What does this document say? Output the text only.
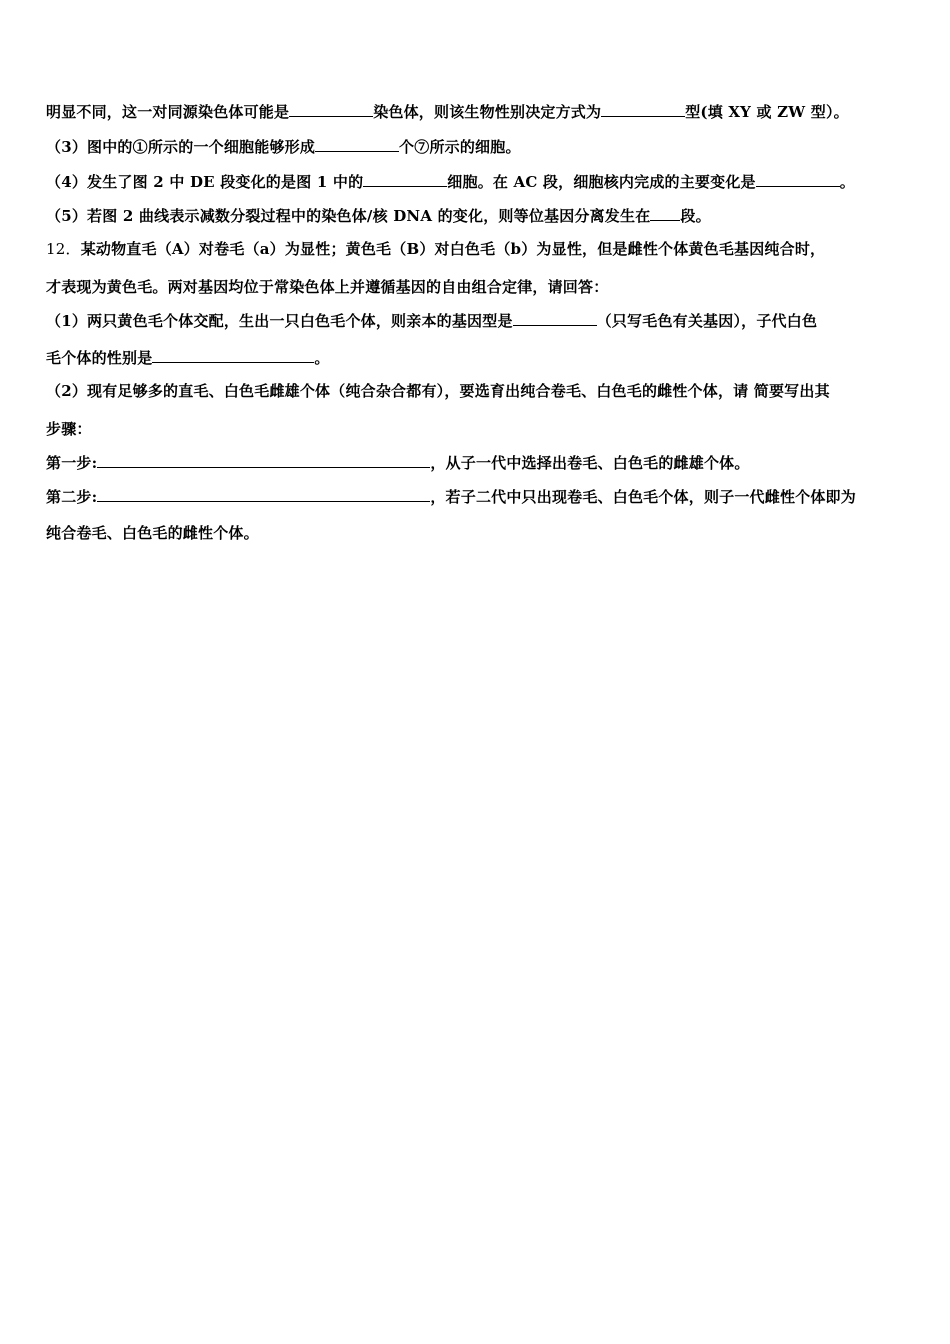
明显不同，这一对同源染色体可能是	染色体，则该生物性别决定方式为	型(填 XY 或 ZW 型）。
（3）图中的①所示的一个细胞能够形成	个⑦所示的细胞。
（4）发生了图 2 中 DE 段变化的是图 1 中的	细胞。在 AC 段，细胞核内完成的主要变化是	。
（5）若图 2 曲线表示减数分裂过程中的染色体/核 DNA 的变化，则等位基因分离发生在 段。
12．某动物直毛（A）对卷毛（a）为显性；黄色毛（B）对白色毛（b）为显性，但是雌性个体黄色毛基因纯合时，
才表现为黄色毛。两对基因均位于常染色体上并遵循基因的自由组合定律，请回答：
（1）两只黄色毛个体交配，生出一只白色毛个体，则亲本的基因型是	（只写毛色有关基因），子代白色
毛个体的性别是	。
（2）现有足够多的直毛、白色毛雌雄个体（纯合杂合都有），要选育出纯合卷毛、白色毛的雌性个体，请 简要写出其
步骤：
第一步:	，从子一代中选择出卷毛、白色毛的雌雄个体。
第二步:	，若子二代中只出现卷毛、白色毛个体，则子一代雌性个体即为
纯合卷毛、白色毛的雌性个体。
